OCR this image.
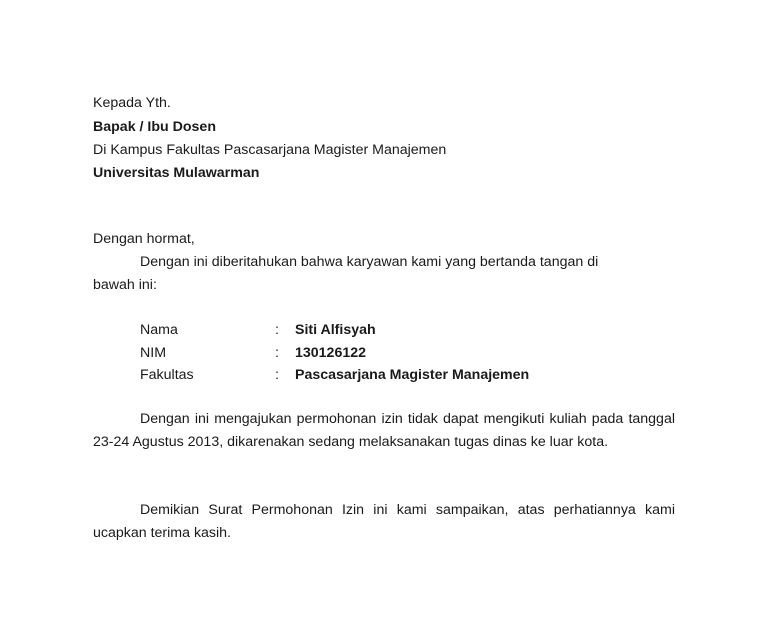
Kepada Yth.
Bapak / Ibu Dosen
Di Kampus Fakultas Pascasarjana Magister Manajemen
Universitas Mulawarman
Dengan hormat,
Dengan ini diberitahukan bahwa karyawan kami yang bertanda tangan di
bawah ini:
Nama	: Siti Alfisyah
NIM	: 130126122
Fakultas	: Pascasarjana Magister Manajemen
Dengan ini mengajukan permohonan izin tidak dapat mengikuti kuliah pada tanggal 23-24 Agustus 2013, dikarenakan sedang melaksanakan tugas dinas ke luar kota.
Demikian Surat Permohonan Izin ini kami sampaikan, atas perhatiannya kami ucapkan terima kasih.
